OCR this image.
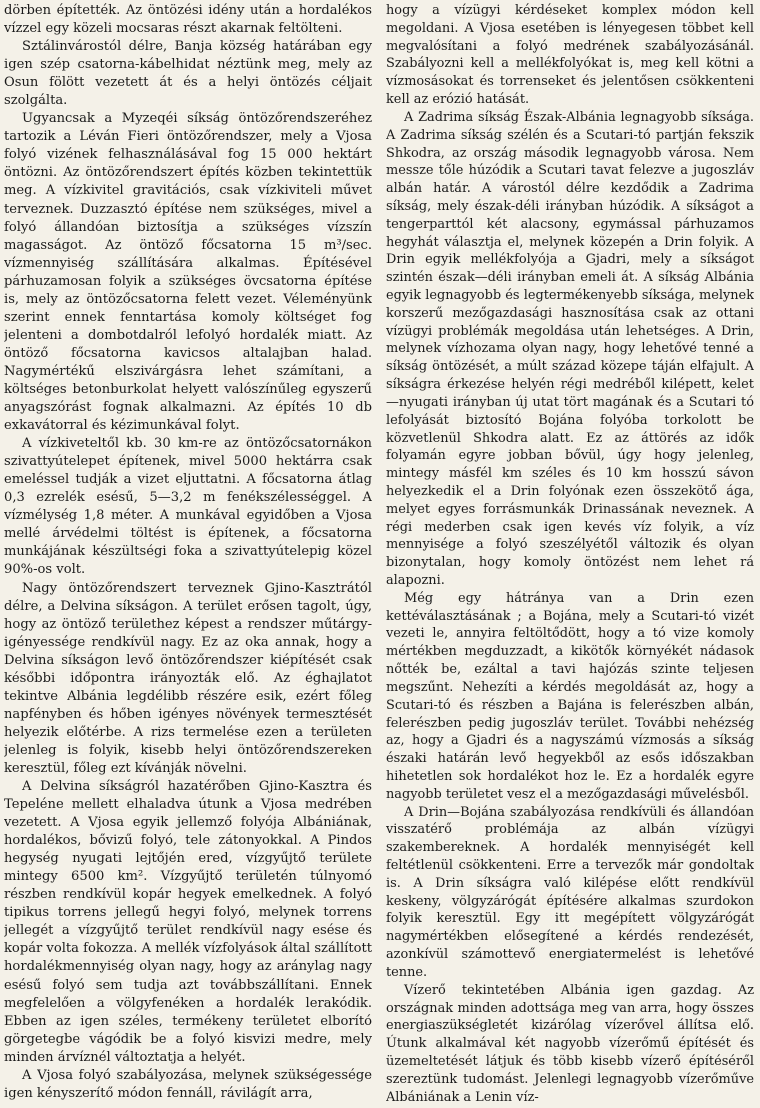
dörben építették. Az öntözési idény után a hordalékos vízzel egy közeli mocsaras részt akarnak feltölteni.

Sztálinvárostól délre, Banja község határában egy igen szép csatorna-kábelhidat néztünk meg, mely az Osun fölött vezetett át és a helyi öntözés céljait szolgálta.

Ugyancsak a Myzeqéi síkság öntözőrendszeréhez tartozik a Léván Fieri öntözőrendszer, mely a Vjosa folyó vizének felhasználásával fog 15 000 hektárt öntözni. Az öntözőrendszert építés közben tekintettük meg. A vízkivitel gravitációs, csak vízkiviteli művet terveznek. Duzzasztó építése nem szükséges, mivel a folyó állandóan biztosítja a szükséges vízszín magasságot. Az öntöző főcsatorna 15 m³/sec. vízmennyiség szállítására alkalmas. Építésével párhuzamosan folyik a szükséges övcsatorna építése is, mely az öntözőcsatorna felett vezet. Véleményünk szerint ennek fenntartása komoly költséget fog jelenteni a dombotdalról lefolyó hordalék miatt. Az öntöző főcsatorna kavicsos altalajban halad. Nagymértékű elszivárgásra lehet számítani, a költséges betonburkolat helyett valószínűleg egyszerű anyagszórást fognak alkalmazni. Az építés 10 db exkavátorral és kézimunkával folyt.

A vízkiveteltől kb. 30 km-re az öntözőcsatornákon szivattyútelepet építenek, mivel 5000 hektárra csak emeléssel tudják a vizet eljuttatni. A főcsatorna átlag 0,3 ezrelék esésű, 5—3,2 m fenékszélességgel. A vízmélység 1,8 méter. A munkával egyidőben a Vjosa mellé árvédelmi töltést is építenek, a főcsatorna munkájának készültségi foka a szivattyútelepig közel 90%-os volt.

Nagy öntözőrendszert terveznek Gjino-Kasztrától délre, a Delvina síkságon. A terület erősen tagolt, úgy, hogy az öntöző területhez képest a rendszer műtárgy-igényessége rendkívül nagy. Ez az oka annak, hogy a Delvina síkságon levő öntözőrendszer kiépítését csak későbbi időpontra irányozták elő. Az éghajlatot tekintve Albánia legdélibb részére esik, ezért főleg napfényben és hőben igényes növények termesztését helyezik előtérbe. A rizs termelése ezen a területen jelenleg is folyik, kisebb helyi öntözőrendszereken keresztül, főleg ezt kívánják növelni.

A Delvina síkságról hazatérőben Gjino-Kasztra és Tepeléne mellett elhaladva útunk a Vjosa medrében vezetett. A Vjosa egyik jellemző folyója Albániának, hordalékos, bővizű folyó, tele zátonyokkal. A Pindos hegység nyugati lejtőjén ered, vízgyűjtő területe mintegy 6500 km². Vízgyűjtő területén túlnyomó részben rendkívül kopár hegyek emelkednek. A folyó tipikus torrens jellegű hegyi folyó, melynek torrens jellegét a vízgyűjtő terület rendkívül nagy esése és kopár volta fokozza. A mellék vízfolyások által szállított hordalékmennyiség olyan nagy, hogy az aránylag nagy esésű folyó sem tudja azt továbbszállítani. Ennek megfelelően a völgyfenéken a hordalék lerakódik. Ebben az igen széles, termékeny területet elborító görgetegbe vágódik be a folyó kisvizi medre, mely minden árvíznél változtatja a helyét.

A Vjosa folyó szabályozása, melynek szükségessége igen kényszerítő módon fennáll, rávilágít arra,

hogy a vízügyi kérdéseket komplex módon kell megoldani. A Vjosa esetében is lényegesen többet kell megvalósítani a folyó medrének szabályozásánál. Szabályozni kell a mellékfolyókat is, meg kell kötni a vízmosásokat és torrenseket és jelentősen csökkenteni kell az erózió hatását.

A Zadrima síkság Észak-Albánia legnagyobb síksága. A Zadrima síkság szélén és a Scutari-tó partján fekszik Shkodra, az ország második legnagyobb városa. Nem messze tőle húzódik a Scutari tavat felezve a jugoszláv albán határ. A várostól délre kezdődik a Zadrima síkság, mely észak-déli irányban húzódik. A síkságot a tengerparttól két alacsony, egymással párhuzamos hegyhát választja el, melynek közepén a Drin folyik. A Drin egyik mellékfolyója a Gjadri, mely a síkságot szintén észak—déli irányban emeli át. A síkság Albánia egyik legnagyobb és legtermékenyebb síksága, melynek korszerű mezőgazdasági hasznosítása csak az ottani vízügyi problémák megoldása után lehetséges. A Drin, melynek vízhozama olyan nagy, hogy lehetővé tenné a síkság öntözését, a múlt század közepe táján elfajult. A síkságra érkezése helyén régi medréből kilépett, kelet—nyugati irányban új utat tört magának és a Scutari tó lefolyását biztosító Bojána folyóba torkolott be közvetlenül Shkodra alatt. Ez az áttörés az idők folyamán egyre jobban bővül, úgy hogy jelenleg, mintegy másfél km széles és 10 km hosszú sávon helyezkedik el a Drin folyónak ezen összekötő ága, melyet egyes forrásmunkák Drinassának neveznek. A régi mederben csak igen kevés víz folyik, a víz mennyisége a folyó szeszélyétől változik és olyan bizonytalan, hogy komoly öntözést nem lehet rá alapozni.

Még egy hátránya van a Drin ezen kettéválasztásának ; a Bojána, mely a Scutari-tó vizét vezeti le, annyira feltöltődött, hogy a tó vize komoly mértékben megduzzadt, a kikötők környékét nádasok nőtték be, ezáltal a tavi hajózás szinte teljesen megszűnt. Nehezíti a kérdés megoldását az, hogy a Scutari-tó és részben a Bajána is felerészben albán, felerészben pedig jugoszláv terület. További nehézség az, hogy a Gjadri és a nagyszámú vízmosás a síkság északi határán levő hegyekből az esős időszakban hihetetlen sok hordalékot hoz le. Ez a hordalék egyre nagyobb területet vesz el a mezőgazdasági művelésből.

A Drin—Bojána szabályozása rendkívüli és állandóan visszatérő problémája az albán vízügyi szakembereknek. A hordalék mennyiségét kell feltétlenül csökkenteni. Erre a tervezők már gondoltak is. A Drin síkságra való kilépése előtt rendkívül keskeny, völgyzárógát építésére alkalmas szurdokon folyik keresztül. Egy itt megépített völgyzárógát nagymértékben elősegítené a kérdés rendezését, azonkívül számottevő energiatermelést is lehetővé tenne.

Vízerő tekintetében Albánia igen gazdag. Az országnak minden adottsága meg van arra, hogy összes energiaszükségletét kizárólag vízerővel állítsa elő. Útunk alkalmával két nagyobb vízerőmű építését és üzemeltetését látjuk és több kisebb vízerő építéséről szereztünk tudomást. Jelenlegi legnagyobb vízerőműve Albániának a Lenin víz-
